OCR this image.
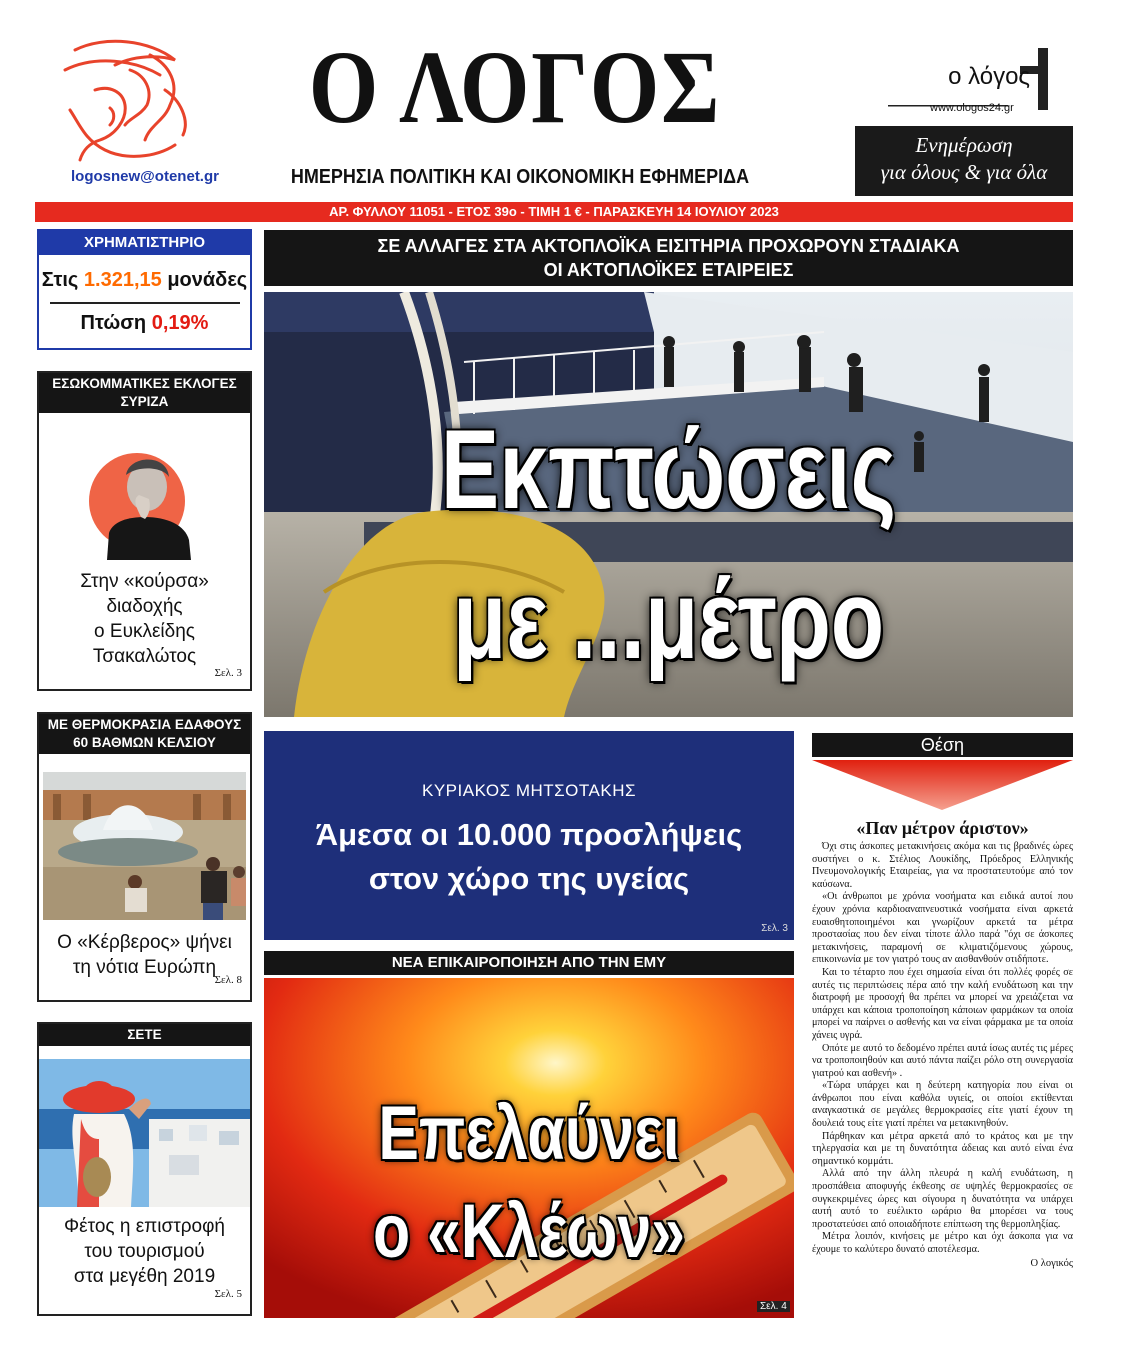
logosnew@otenet.gr
Ο ΛΟΓΟΣ
ΗΜΕΡΗΣΙΑ ΠΟΛΙΤΙΚΗ ΚΑΙ ΟΙΚΟΝΟΜΙΚΗ ΕΦΗΜΕΡΙΔΑ
ο λόγος
www.ologos24.gr
Ενημέρωση
για όλους & για όλα
ΑΡ. ΦΥΛΛΟΥ 11051 - ΕΤΟΣ 39ο - ΤΙΜΗ 1 € - ΠΑΡΑΣΚΕΥΗ 14 ΙΟΥΛΙΟΥ 2023
ΧΡΗΜΑΤΙΣΤΗΡΙΟ
Στις 1.321,15 μονάδες
Πτώση 0,19%
ΕΣΩΚΟΜΜΑΤΙΚΕΣ ΕΚΛΟΓΕΣ ΣΥΡΙΖΑ
Στην «κούρσα»
διαδοχής
ο Ευκλείδης
Τσακαλώτος
Σελ. 3
ΜΕ ΘΕΡΜΟΚΡΑΣΙΑ ΕΔΑΦΟΥΣ
60 ΒΑΘΜΩΝ ΚΕΛΣΙΟΥ
Ο «Κέρβερος» ψήνει
τη νότια Ευρώπη
Σελ. 8
ΣΕΤΕ
Φέτος η επιστροφή
του τουρισμού
στα μεγέθη 2019
Σελ. 5
ΣΕ ΑΛΛΑΓΕΣ ΣΤΑ ΑΚΤΟΠΛΟΪΚΑ ΕΙΣΙΤΗΡΙΑ ΠΡΟΧΩΡΟΥΝ ΣΤΑΔΙΑΚΑ
ΟΙ ΑΚΤΟΠΛΟΪΚΕΣ ΕΤΑΙΡΕΙΕΣ
Εκπτώσεις
με ...μέτρο
ΚΥΡΙΑΚΟΣ ΜΗΤΣΟΤΑΚΗΣ
Άμεσα οι 10.000 προσλήψεις
στον χώρο της υγείας
Σελ. 3
ΝΕΑ ΕΠΙΚΑΙΡΟΠΟΙΗΣΗ ΑΠΟ ΤΗΝ ΕΜΥ
Επελαύνει
ο «Κλέων»
Σελ. 4
Θέση
«Παν μέτρον άριστον»

Όχι στις άσκοπες μετακινήσεις ακόμα και τις βραδινές ώρες συστήνει ο κ. Στέλιος Λουκίδης, Πρόεδρος Ελληνικής Πνευμονολογικής Εταιρείας, για να προστατευτούμε από τον καύσωνα.

«Οι άνθρωποι με χρόνια νοσήματα και ειδικά αυτοί που έχουν χρόνια καρδιοαναπνευστικά νοσήματα είναι αρκετά ευαισθητοποιημένοι και γνωρίζουν αρκετά τα μέτρα προστασίας που δεν είναι τίποτε άλλο παρά "όχι σε άσκοπες μετακινήσεις, παραμονή σε κλιματιζόμενους χώρους, επικοινωνία με τον γιατρό τους αν αισθανθούν οτιδήποτε.

Και το τέταρτο που έχει σημασία είναι ότι πολλές φορές σε αυτές τις περιπτώσεις πέρα από την καλή ενυδάτωση και την διατροφή με προσοχή θα πρέπει να μπορεί να χρειάζεται να υπάρχει και κάποια τροποποίηση κάποιων φαρμάκων τα οποία μπορεί να παίρνει ο ασθενής και να είναι φάρμακα με τα οποία χάνεις υγρά.

Οπότε με αυτό το δεδομένο πρέπει αυτά ίσως αυτές τις μέρες να τροποποιηθούν και αυτό πάντα παίζει ρόλο στη συνεργασία γιατρού και ασθενή» .

«Τώρα υπάρχει και η δεύτερη κατηγορία που είναι οι άνθρωποι που είναι καθόλα υγιείς, οι οποίοι εκτίθενται αναγκαστικά σε μεγάλες θερμοκρασίες είτε γιατί έχουν τη δουλειά τους είτε γιατί πρέπει να μετακινηθούν.

Πάρθηκαν και μέτρα αρκετά από το κράτος και με την τηλεργασία και με τη δυνατότητα άδειας και αυτό είναι ένα σημαντικό κομμάτι.

Αλλά από την άλλη πλευρά η καλή ενυδάτωση, η προσπάθεια αποφυγής έκθεσης σε υψηλές θερμοκρασίες σε συγκεκριμένες ώρες και σίγουρα η δυνατότητα να υπάρχει αυτή αυτό το ευέλικτο ωράριο θα μπορέσει να τους προστατεύσει από οποιαδήποτε επίπτωση της θερμοπληξίας.

Μέτρα λοιπόν, κινήσεις με μέτρο και όχι άσκοπα για να έχουμε το καλύτερο δυνατό αποτέλεσμα.

Ο λογικός
